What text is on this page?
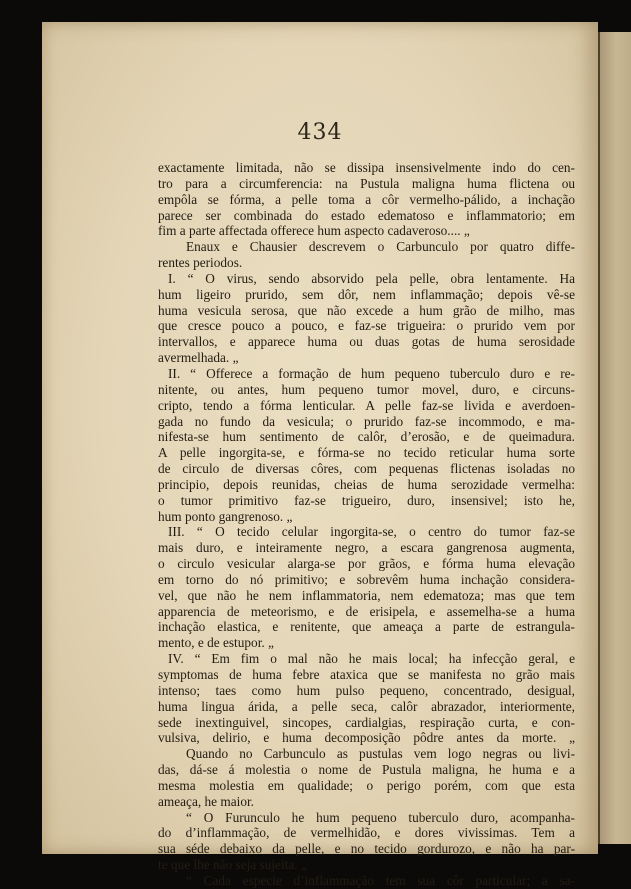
434
exactamente limitada, não se dissipa insensivelmente indo do cen-
tro para a circumferencia: na Pustula maligna huma flictena ou
empôla se fórma, a pelle toma a côr vermelho-pálido, a inchação
parece ser combinada do estado edematoso e inflammatorio; em
fim a parte affectada offerece hum aspecto cadaveroso.... „
Enaux e Chausier descrevem o Carbunculo por quatro diffe-
rentes periodos.
I. “ O virus, sendo absorvido pela pelle, obra lentamente. Ha
hum ligeiro prurido, sem dôr, nem inflammação; depois vê-se
huma vesicula serosa, que não excede a hum grão de milho, mas
que cresce pouco a pouco, e faz-se trigueira: o prurido vem por
intervallos, e apparece huma ou duas gotas de huma serosidade
avermelhada. „
II. “ Offerece a formação de hum pequeno tuberculo duro e re-
nitente, ou antes, hum pequeno tumor movel, duro, e circuns-
cripto, tendo a fórma lenticular. A pelle faz-se livida e averdoen-
gada no fundo da vesicula; o prurido faz-se incommodo, e ma-
nifesta-se hum sentimento de calôr, d’erosão, e de queimadura.
A pelle ingorgita-se, e fórma-se no tecido reticular huma sorte
de circulo de diversas côres, com pequenas flictenas isoladas no
principio, depois reunidas, cheias de huma serozidade vermelha:
o tumor primitivo faz-se trigueiro, duro, insensivel; isto he,
hum ponto gangrenoso. „
III. “ O tecido celular ingorgita-se, o centro do tumor faz-se
mais duro, e inteiramente negro, a escara gangrenosa augmenta,
o circulo vesicular alarga-se por grãos, e fórma huma elevação
em torno do nó primitivo; e sobrevêm huma inchação considera-
vel, que não he nem inflammatoria, nem edematoza; mas que tem
apparencia de meteorismo, e de erisipela, e assemelha-se a huma
inchação elastica, e renitente, que ameaça a parte de estrangula-
mento, e de estupor. „
IV. “ Em fim o mal não he mais local; ha infecção geral, e
symptomas de huma febre ataxica que se manifesta no grão mais
intenso; taes como hum pulso pequeno, concentrado, desigual,
huma lingua árida, a pelle seca, calôr abrazador, interiormente,
sede inextinguivel, sincopes, cardialgias, respiração curta, e con-
vulsiva, delirio, e huma decomposição pôdre antes da morte. „
Quando no Carbunculo as pustulas vem logo negras ou livi-
das, dá-se á molestia o nome de Pustula maligna, he huma e a
mesma molestia em qualidade; o perigo porém, com que esta
ameaça, he maior.
“ O Furunculo he hum pequeno tuberculo duro, acompanha-
do d’inflammação, de vermelhidão, e dores vivissimas. Tem a
sua séde debaixo da pelle, e no tecido gordurozo, e não ha par-
te que lhe não seja sujeita. „
“ Cada especie d’inflammação tem sua côr particular; a sa-
